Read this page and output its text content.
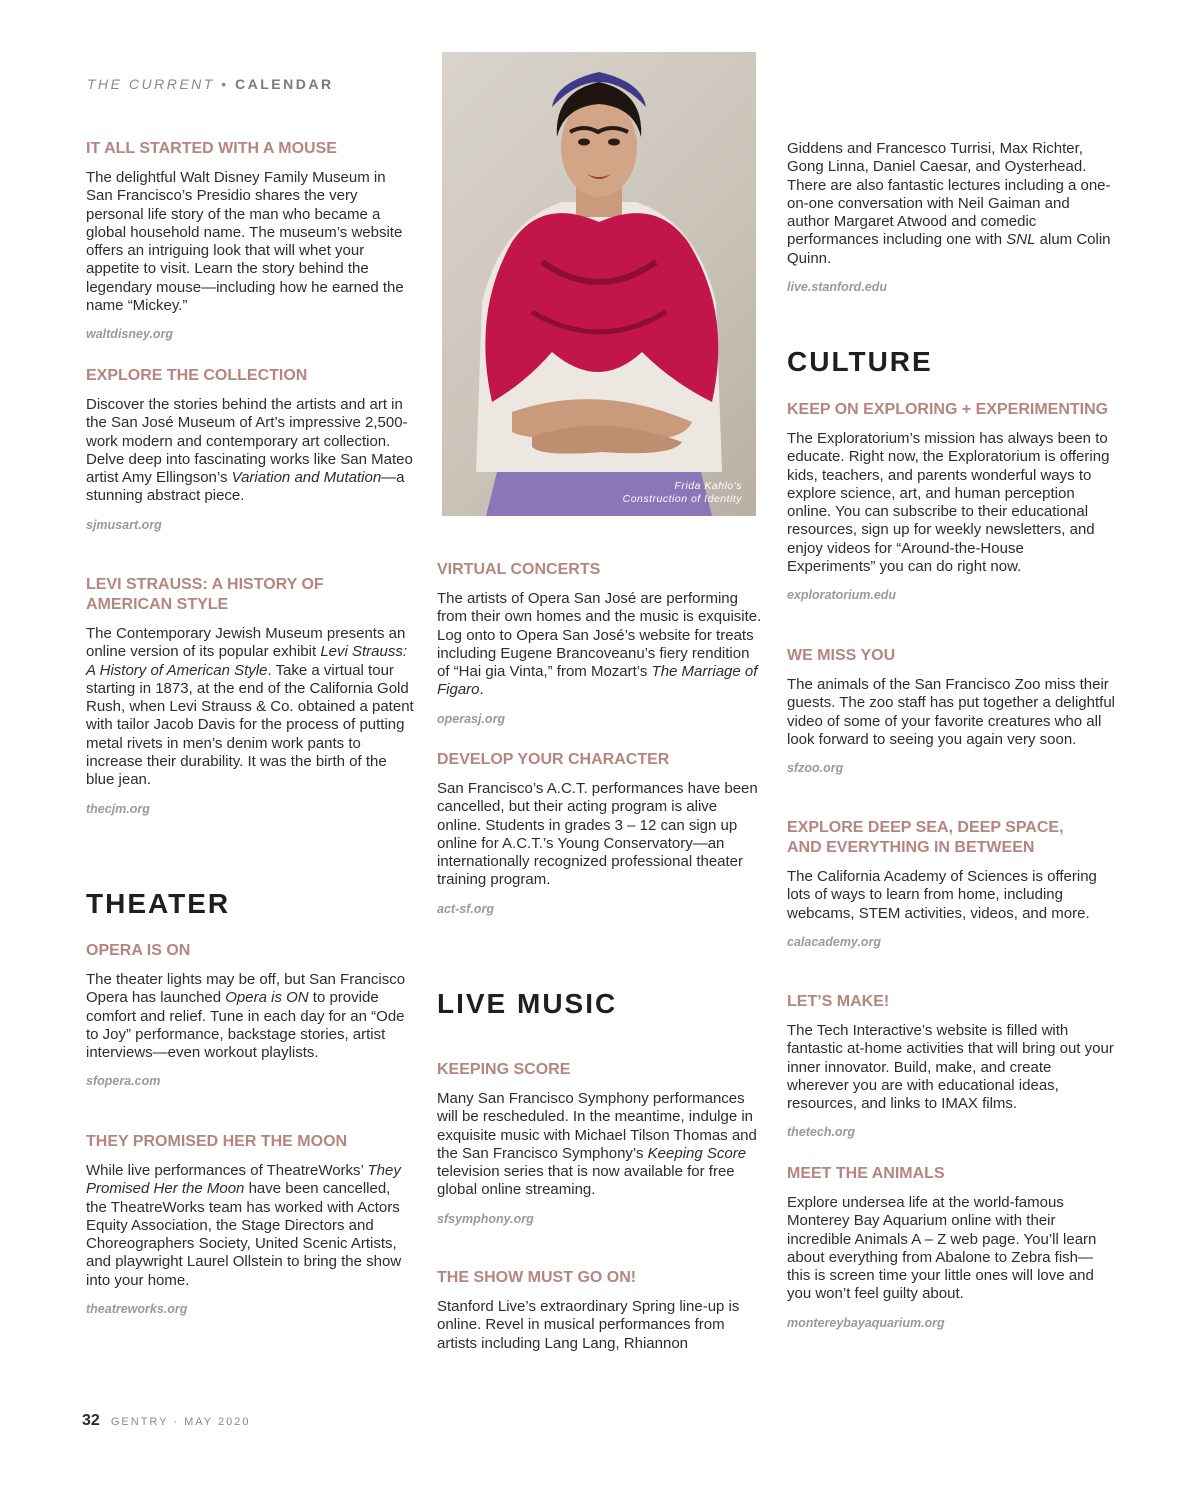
THE CURRENT • CALENDAR
IT ALL STARTED WITH A MOUSE

The delightful Walt Disney Family Museum in San Francisco’s Presidio shares the very personal life story of the man who became a global household name. The museum’s website offers an intriguing look that will whet your appetite to visit. Learn the story behind the legendary mouse—including how he earned the name “Mickey.”

waltdisney.org

EXPLORE THE COLLECTION

Discover the stories behind the artists and art in the San José Museum of Art’s impressive 2,500-work modern and contemporary art collection. Delve deep into fascinating works like San Mateo artist Amy Ellingson’s Variation and Mutation—a stunning abstract piece.

sjmusart.org

LEVI STRAUSS: A HISTORY OF
AMERICAN STYLE

The Contemporary Jewish Museum presents an online version of its popular exhibit Levi Strauss: A History of American Style. Take a virtual tour starting in 1873, at the end of the California Gold Rush, when Levi Strauss & Co. obtained a patent with tailor Jacob Davis for the process of putting metal rivets in men’s denim work pants to increase their durability. It was the birth of the blue jean.

thecjm.org

THEATER
OPERA IS ON

The theater lights may be off, but San Francisco Opera has launched Opera is ON to provide comfort and relief. Tune in each day for an “Ode to Joy” performance, backstage stories, artist interviews—even workout playlists.

sfopera.com

THEY PROMISED HER THE MOON

While live performances of TheatreWorks’ They Promised Her the Moon have been cancelled, the TheatreWorks team has worked with Actors Equity Association, the Stage Directors and Choreographers Society, United Scenic Artists, and playwright Laurel Ollstein to bring the show into your home.

theatreworks.org

Frida Kahlo's
Construction of Identity
VIRTUAL CONCERTS

The artists of Opera San José are performing from their own homes and the music is exquisite. Log onto to Opera San José’s website for treats including Eugene Brancoveanu’s fiery rendition of “Hai gia Vinta,” from Mozart’s The Marriage of Figaro.

operasj.org

DEVELOP YOUR CHARACTER

San Francisco’s A.C.T. performances have been cancelled, but their acting program is alive online. Students in grades 3 – 12 can sign up online for A.C.T.’s Young Conservatory—an internationally recognized professional theater training program.

act-sf.org

LIVE MUSIC
KEEPING SCORE

Many San Francisco Symphony performances will be rescheduled. In the meantime, indulge in exquisite music with Michael Tilson Thomas and the San Francisco Symphony’s Keeping Score television series that is now available for free global online streaming.

sfsymphony.org

THE SHOW MUST GO ON!

Stanford Live’s extraordinary Spring line-up is online. Revel in musical performances from artists including Lang Lang, Rhiannon

Giddens and Francesco Turrisi, Max Richter, Gong Linna, Daniel Caesar, and Oysterhead. There are also fantastic lectures including a one-on-one conversation with Neil Gaiman and author Margaret Atwood and comedic performances including one with SNL alum Colin Quinn.

live.stanford.edu

CULTURE
KEEP ON EXPLORING + EXPERIMENTING

The Exploratorium’s mission has always been to educate. Right now, the Exploratorium is offering kids, teachers, and parents wonderful ways to explore science, art, and human perception online. You can subscribe to their educational resources, sign up for weekly newsletters, and enjoy videos for “Around-the-House Experiments” you can do right now.

exploratorium.edu

WE MISS YOU

The animals of the San Francisco Zoo miss their guests. The zoo staff has put together a delightful video of some of your favorite creatures who all look forward to seeing you again very soon.

sfzoo.org

EXPLORE DEEP SEA, DEEP SPACE,
AND EVERYTHING IN BETWEEN

The California Academy of Sciences is offering lots of ways to learn from home, including webcams, STEM activities, videos, and more.

calacademy.org

LET’S MAKE!

The Tech Interactive’s website is filled with fantastic at-home activities that will bring out your inner innovator. Build, make, and create wherever you are with educational ideas, resources, and links to IMAX films.

thetech.org

MEET THE ANIMALS

Explore undersea life at the world-famous Monterey Bay Aquarium online with their incredible Animals A – Z web page. You’ll learn about everything from Abalone to Zebra fish—this is screen time your little ones will love and you won’t feel guilty about.

montereybayaquarium.org

32 GENTRY · MAY 2020
